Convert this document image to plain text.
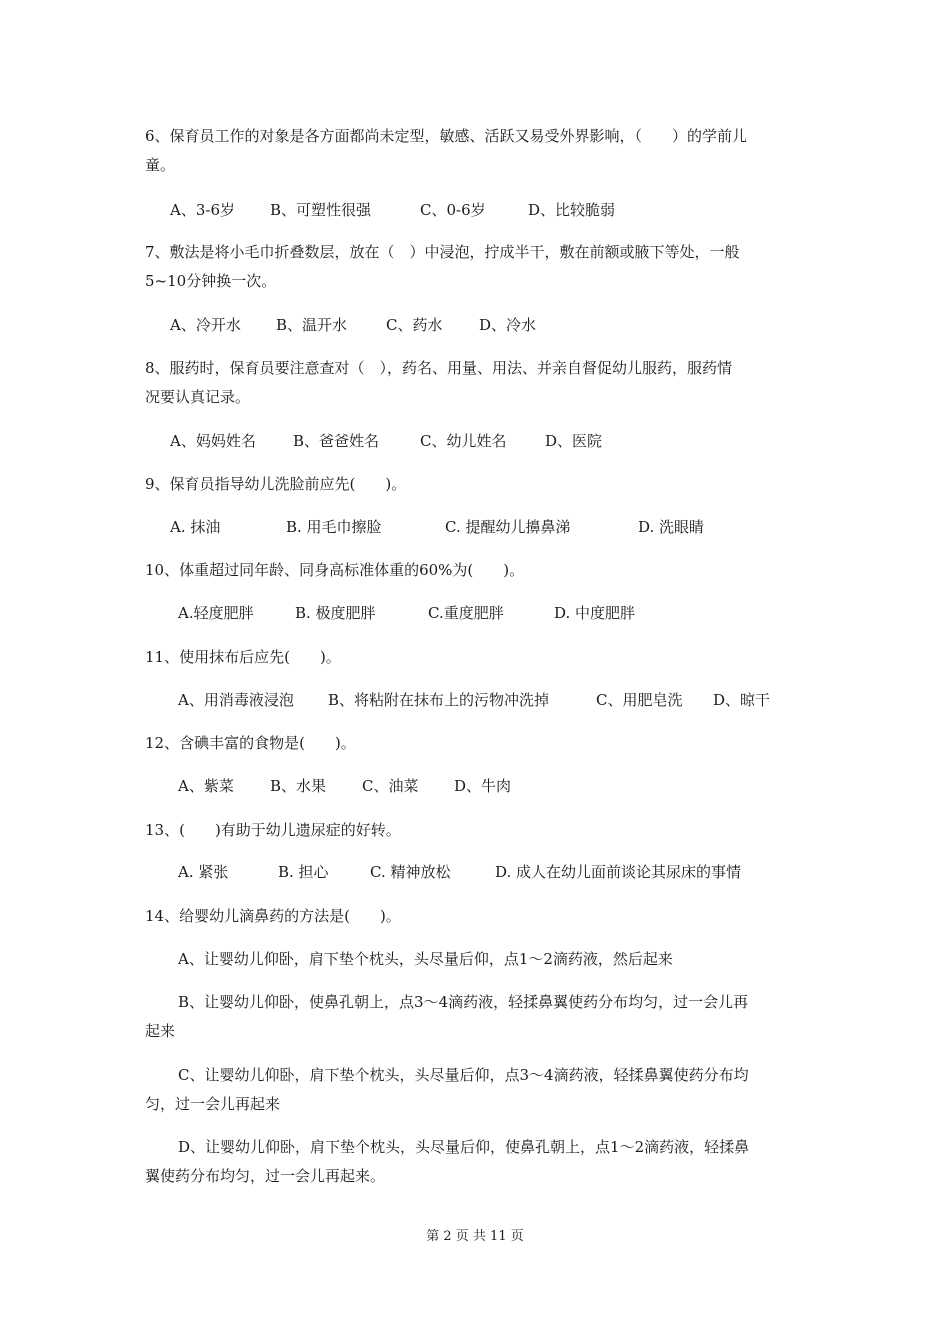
6、保育员工作的对象是各方面都尚未定型，敏感、活跃又易受外界影响，（　　）的学前儿
童。
A、3-6岁 B、可塑性很强	C、0-6岁	D、比较脆弱
7、敷法是将小毛巾折叠数层，放在（　）中浸泡，拧成半干，敷在前额或腋下等处，一般
5~10分钟换一次。
A、冷开水 B、温开水	C、药水 D、冷水
8、服药时，保育员要注意查对（　），药名、用量、用法、并亲自督促幼儿服药，服药情
况要认真记录。
A、妈妈姓名 B、爸爸姓名	C、幼儿姓名	D、医院
9、保育员指导幼儿洗脸前应先(　　)。
A. 抹油	B. 用毛巾擦脸	C. 提醒幼儿擤鼻涕	D. 洗眼睛
10、体重超过同年龄、同身高标准体重的60%为(　　)。
A.轻度肥胖	B. 极度肥胖	C.重度肥胖	D. 中度肥胖
11、使用抹布后应先(　　)。
A、用消毒液浸泡 B、将粘附在抹布上的污物冲洗掉	C、用肥皂洗 D、晾干
12、含碘丰富的食物是(　　)。
A、紫菜 B、水果 C、油菜 D、牛肉
13、(　　)有助于幼儿遗尿症的好转。
A. 紧张	B. 担心	C. 精神放松	D. 成人在幼儿面前谈论其尿床的事情
14、给婴幼儿滴鼻药的方法是(　　)。
A、让婴幼儿仰卧，肩下垫个枕头，头尽量后仰，点1～2滴药液，然后起来
B、让婴幼儿仰卧，使鼻孔朝上，点3～4滴药液，轻揉鼻翼使药分布均匀，过一会儿再
起来
C、让婴幼儿仰卧，肩下垫个枕头，头尽量后仰，点3～4滴药液，轻揉鼻翼使药分布均
匀，过一会儿再起来
D、让婴幼儿仰卧，肩下垫个枕头，头尽量后仰，使鼻孔朝上，点1～2滴药液，轻揉鼻
翼使药分布均匀，过一会儿再起来。
第 2 页 共 11 页
